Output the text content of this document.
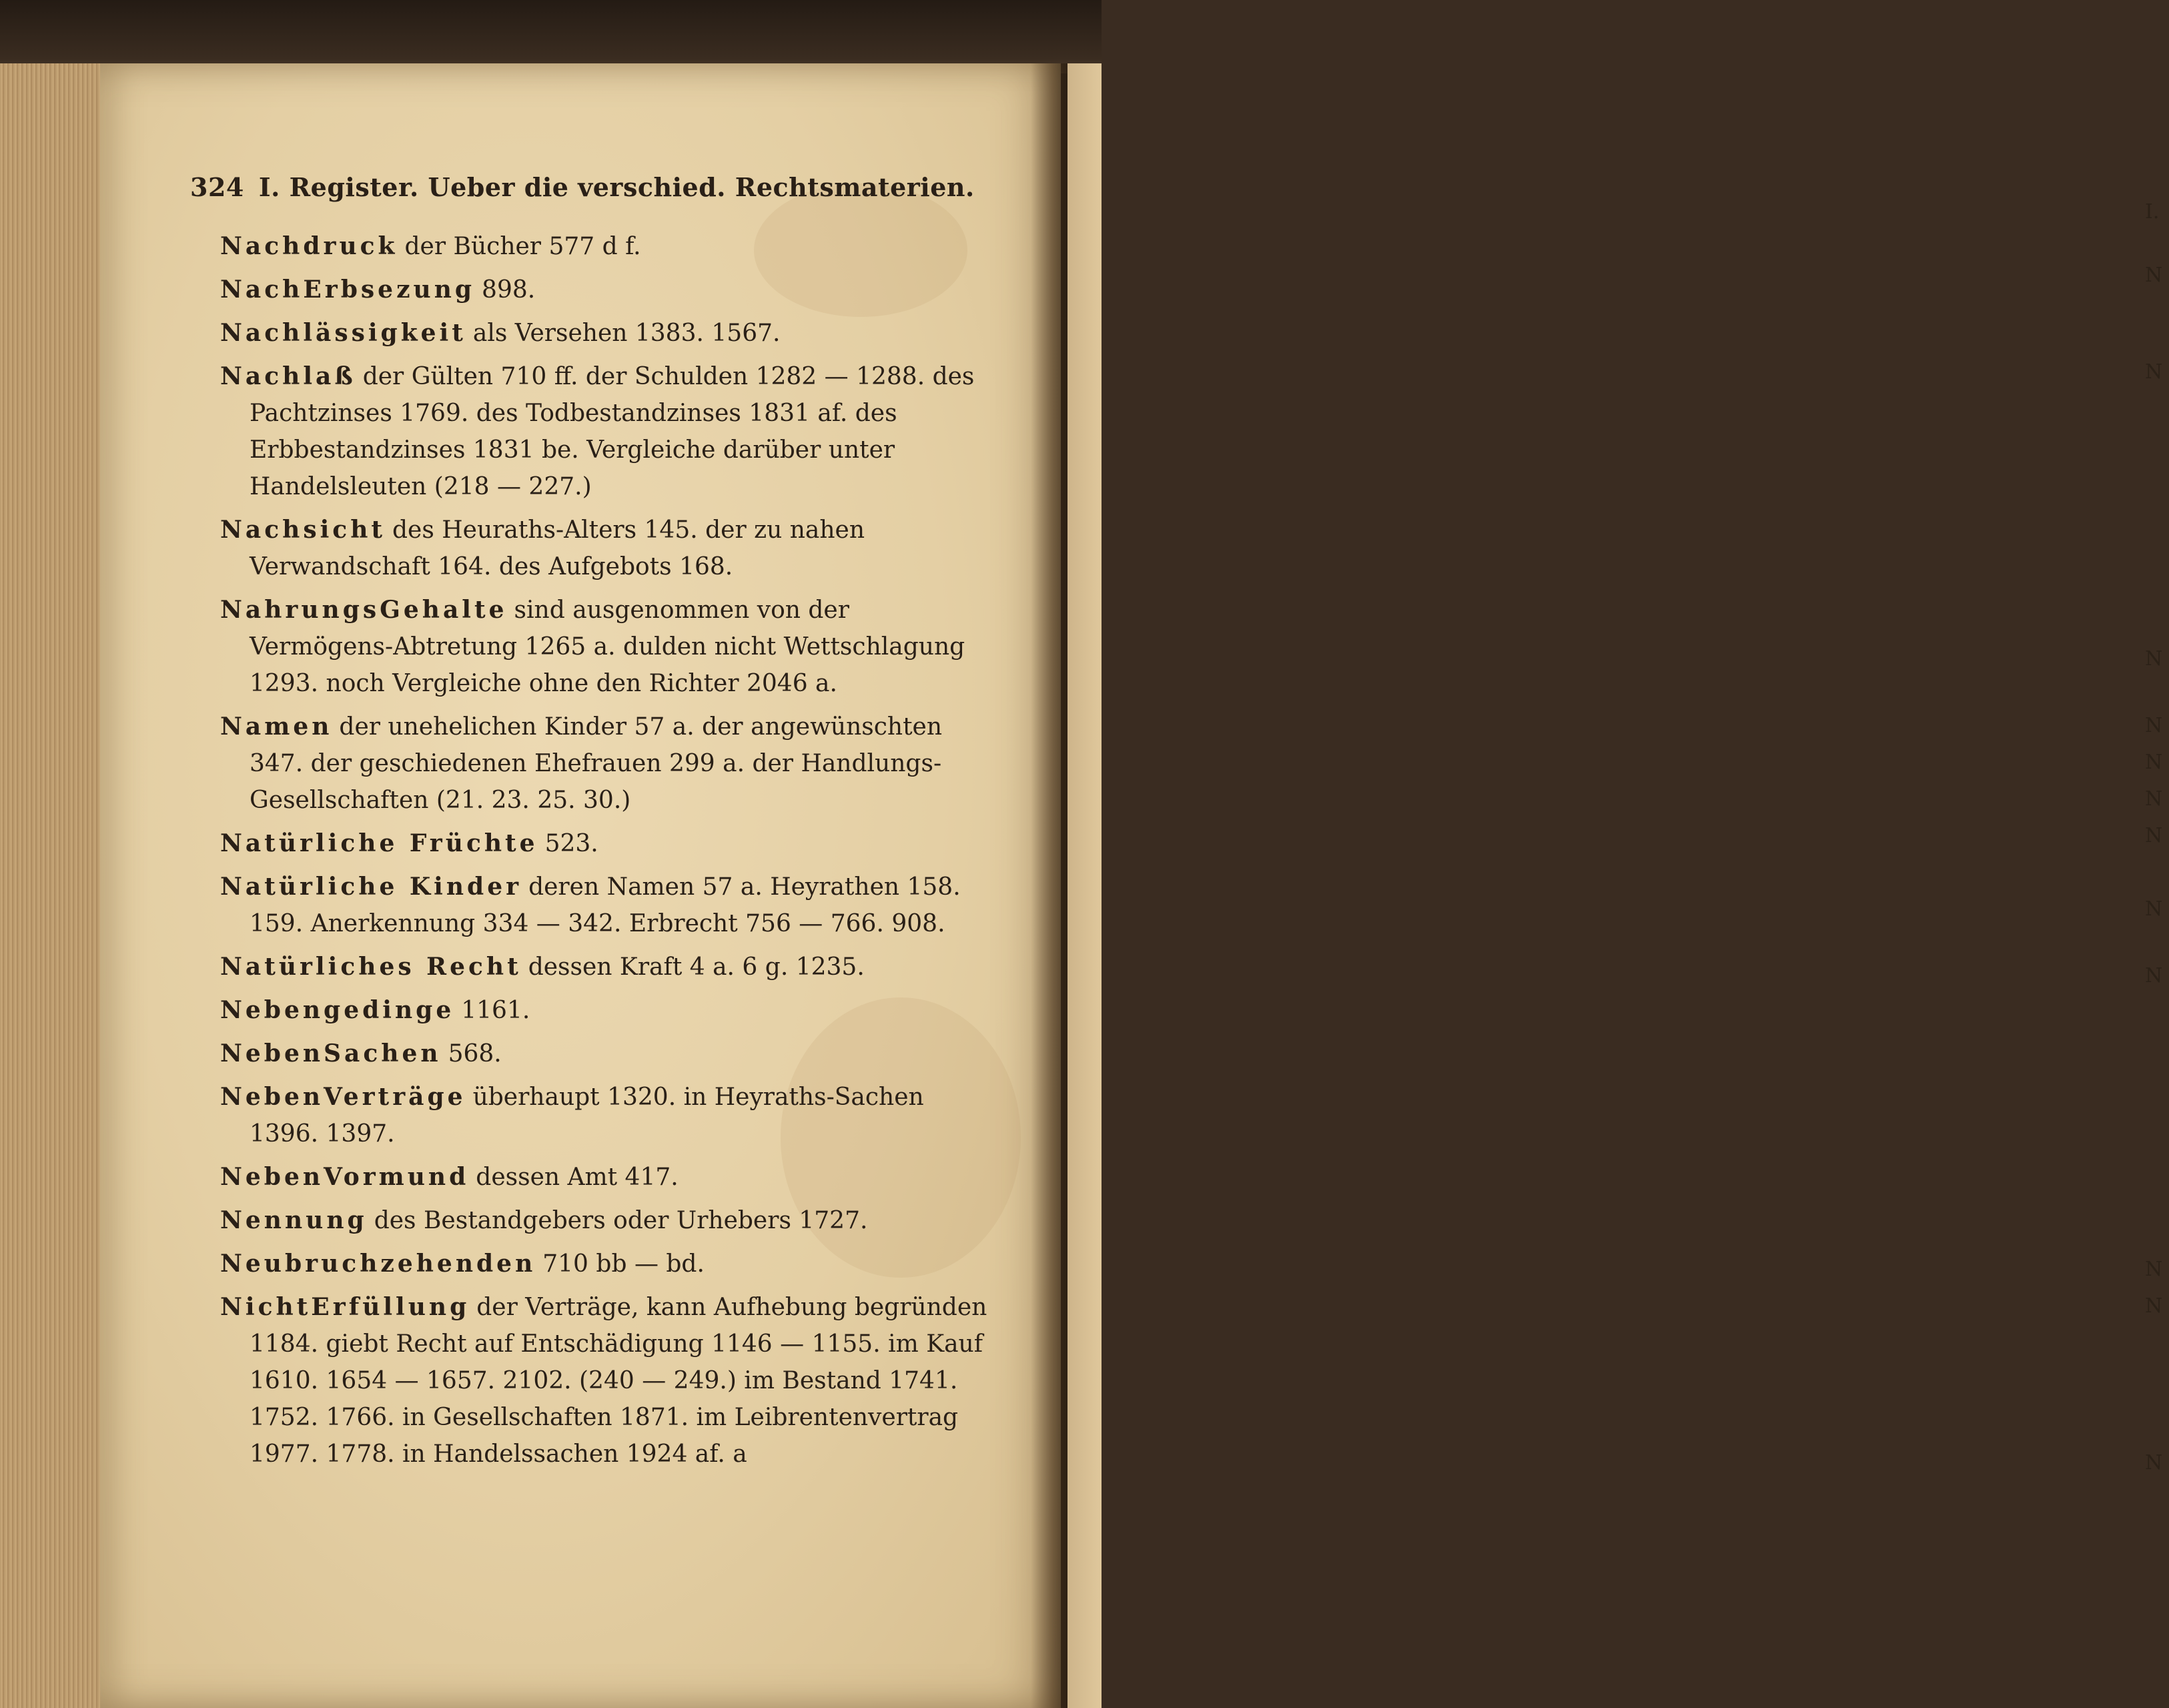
I.
N
N
N
N
N
N
N
N
N
N
N
N
324 I. Register. Ueber die verschied. Rechtsmaterien.
Nachdruck der Bücher 577 d f.
NachErbsezung 898.
Nachlässigkeit als Versehen 1383. 1567.
Nachlaß der Gülten 710 ff. der Schulden 1282 — 1288. des Pachtzinses 1769. des Todbestandzinses 1831 af. des Erbbestandzinses 1831 be. Vergleiche darüber unter Handelsleuten (218 — 227.)
Nachsicht des Heuraths-Alters 145. der zu nahen Verwandschaft 164. des Aufgebots 168.
NahrungsGehalte sind ausgenommen von der Vermögens-Abtretung 1265 a. dulden nicht Wettschlagung 1293. noch Vergleiche ohne den Richter 2046 a.
Namen der unehelichen Kinder 57 a. der angewünschten 347. der geschiedenen Ehefrauen 299 a. der Handlungs-Gesellschaften (21. 23. 25. 30.)
Natürliche Früchte 523.
Natürliche Kinder deren Namen 57 a. Heyrathen 158. 159. Anerkennung 334 — 342. Erbrecht 756 — 766. 908.
Natürliches Recht dessen Kraft 4 a. 6 g. 1235.
Nebengedinge 1161.
NebenSachen 568.
NebenVerträge überhaupt 1320. in Heyraths-Sachen 1396. 1397.
NebenVormund dessen Amt 417.
Nennung des Bestandgebers oder Urhebers 1727.
Neubruchzehenden 710 bb — bd.
NichtErfüllung der Verträge, kann Aufhebung begründen 1184. giebt Recht auf Entschädigung 1146 — 1155. im Kauf 1610. 1654 — 1657. 2102. (240 — 249.) im Bestand 1741. 1752. 1766. in Gesellschaften 1871. im Leibrentenvertrag 1977. 1778. in Handelssachen 1924 af. a
